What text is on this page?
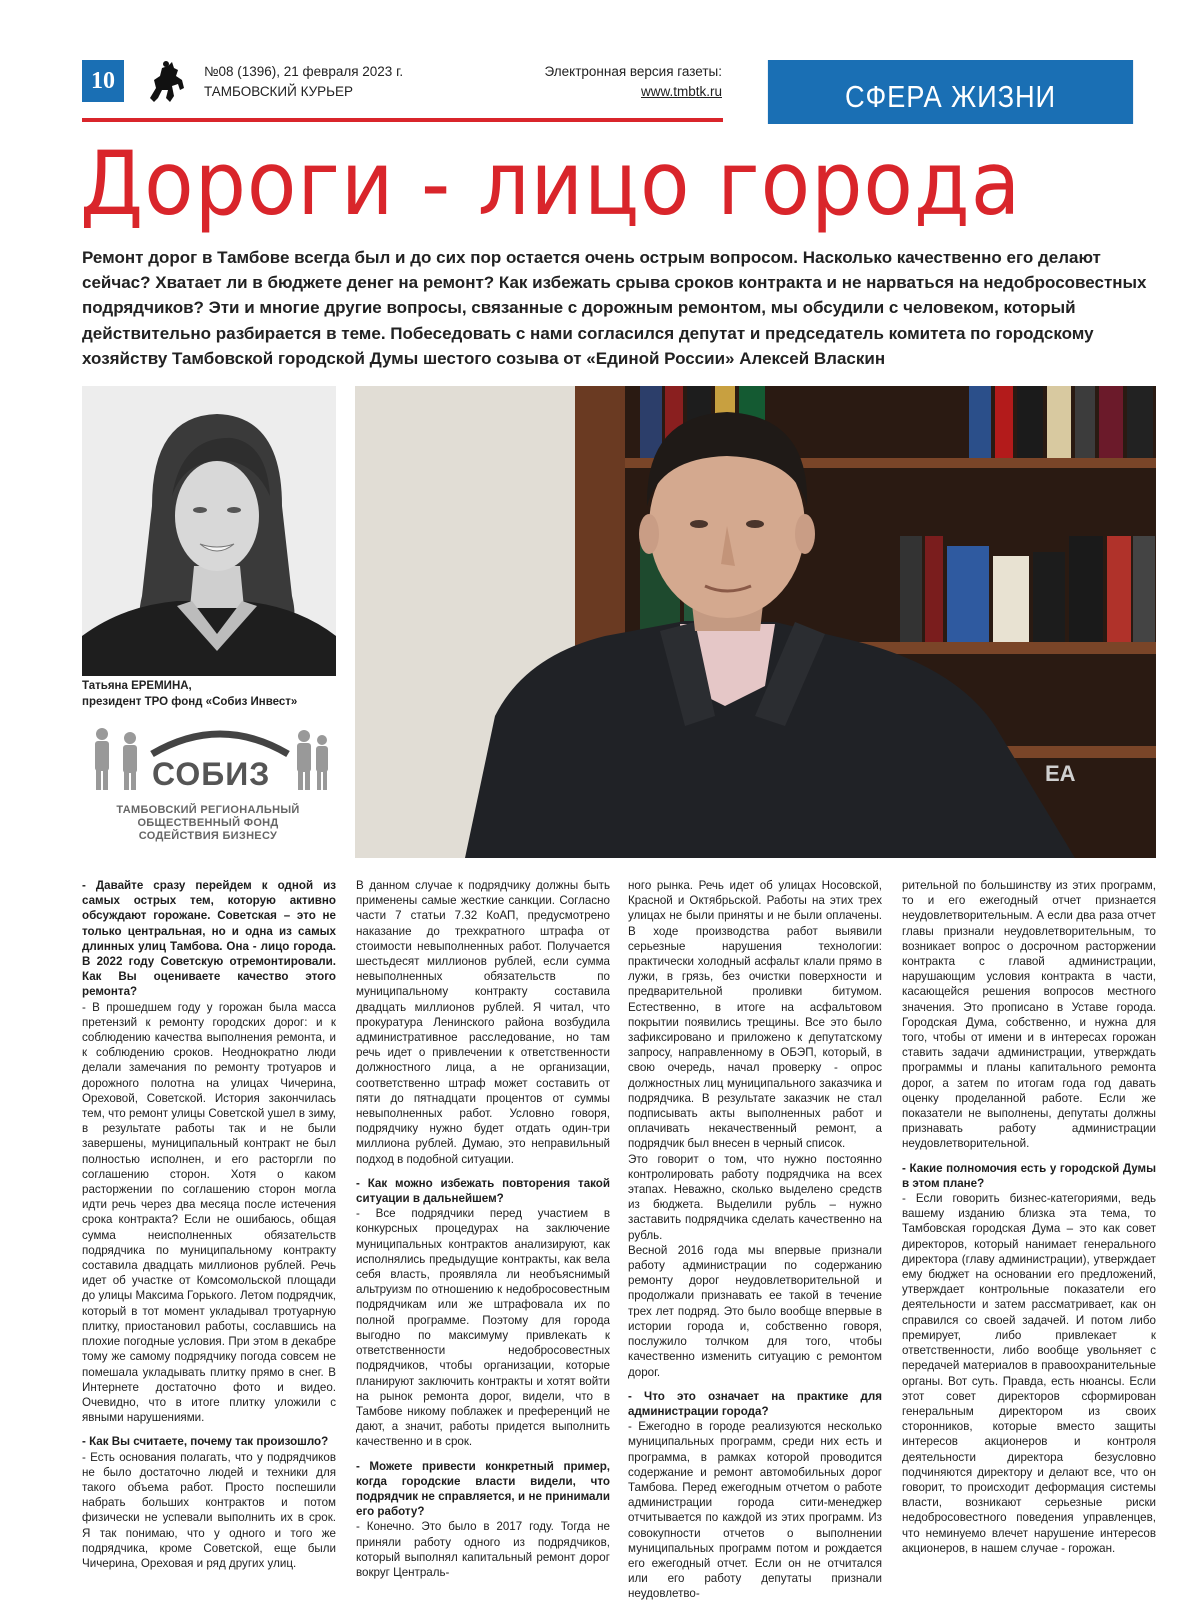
10	№08 (1396), 21 февраля 2023 г.
ТАМБОВСКИЙ КУРЬЕР
Электронная версия газеты:
www.tmbtk.ru	СФЕРА ЖИЗНИ
Дороги - лицо города
Ремонт дорог в Тамбове всегда был и до сих пор остается очень острым вопросом. Насколько качественно его делают сейчас? Хватает ли в бюджете денег на ремонт? Как избежать срыва сроков контракта и не нарваться на недобросовестных подрядчиков? Эти и многие другие вопросы, связанные с дорожным ремонтом, мы обсудили с человеком, который действительно разбирается в теме. Побеседовать с нами согласился депутат и председатель комитета по городскому хозяйству Тамбовской городской Думы шестого созыва от «Единой России» Алексей Власкин
Татьяна ЕРЕМИНА,
президент ТРО фонд «Собиз Инвест»
СОБИЗ
ТАМБОВСКИЙ РЕГИОНАЛЬНЫЙ
ОБЩЕСТВЕННЫЙ ФОНД
СОДЕЙСТВИЯ БИЗНЕСУ
EA

- Давайте сразу перейдем к одной из самых острых тем, которую активно обсуждают горожане. Советская – это не только центральная, но и одна из самых длинных улиц Тамбова. Она - лицо города. В 2022 году Советскую отремонтировали. Как Вы оцениваете качество этого ремонта?

- В прошедшем году у горожан была масса претензий к ремонту городских дорог: и к соблюдению качества выполнения ремонта, и к соблюдению сроков. Неоднократно люди делали замечания по ремонту тротуаров и дорожного полотна на улицах Чичерина, Ореховой, Советской. История закончилась тем, что ремонт улицы Советской ушел в зиму, в результате работы так и не были завершены, муниципальный контракт не был полностью исполнен, и его расторгли по соглашению сторон. Хотя о каком расторжении по соглашению сторон могла идти речь через два месяца после истечения срока контракта? Если не ошибаюсь, общая сумма неисполненных обязательств подрядчика по муниципальному контракту составила двадцать миллионов рублей. Речь идет об участке от Комсомольской площади до улицы Максима Горького. Летом подрядчик, который в тот момент укладывал тротуарную плитку, приостановил работы, сославшись на плохие погодные условия. При этом в декабре тому же самому подрядчику погода совсем не помешала укладывать плитку прямо в снег. В Интернете достаточно фото и видео. Очевидно, что в итоге плитку уложили с явными нарушениями.

- Как Вы считаете, почему так произошло?

- Есть основания полагать, что у подрядчиков не было достаточно людей и техники для такого объема работ. Просто поспешили набрать больших контрактов и потом физически не успевали выполнить их в срок. Я так понимаю, что у одного и того же подрядчика, кроме Советской, еще были Чичерина, Ореховая и ряд других улиц.

В данном случае к подрядчику должны быть применены самые жесткие санкции. Согласно части 7 статьи 7.32 КоАП, предусмотрено наказание до трехкратного штрафа от стоимости невыполненных работ. Получается шестьдесят миллионов рублей, если сумма невыполненных обязательств по муниципальному контракту составила двадцать миллионов рублей. Я читал, что прокуратура Ленинского района возбудила административное расследование, но там речь идет о привлечении к ответственности должностного лица, а не организации, соответственно штраф может составить от пяти до пятнадцати процентов от суммы невыполненных работ. Условно говоря, подрядчику нужно будет отдать один-три миллиона рублей. Думаю, это неправильный подход в подобной ситуации.

- Как можно избежать повторения такой ситуации в дальнейшем?

- Все подрядчики перед участием в конкурсных процедурах на заключение муниципальных контрактов анализируют, как исполнялись предыдущие контракты, как вела себя власть, проявляла ли необъяснимый альтруизм по отношению к недобросовестным подрядчикам или же штрафовала их по полной программе. Поэтому для города выгодно по максимуму привлекать к ответственности недобросовестных подрядчиков, чтобы организации, которые планируют заключить контракты и хотят войти на рынок ремонта дорог, видели, что в Тамбове никому поблажек и преференций не дают, а значит, работы придется выполнить качественно и в срок.

- Можете привести конкретный пример, когда городские власти видели, что подрядчик не справляется, и не принимали его работу?

- Конечно. Это было в 2017 году. Тогда не приняли работу одного из подрядчиков, который выполнял капитальный ремонт дорог вокруг Централь-

ного рынка. Речь идет об улицах Носовской, Красной и Октябрьской. Работы на этих трех улицах не были приняты и не были оплачены. В ходе производства работ выявили серьезные нарушения технологии: практически холодный асфальт клали прямо в лужи, в грязь, без очистки поверхности и предварительной проливки битумом. Естественно, в итоге на асфальтовом покрытии появились трещины. Все это было зафиксировано и приложено к депутатскому запросу, направленному в ОБЭП, который, в свою очередь, начал проверку - опрос должностных лиц муниципального заказчика и подрядчика. В результате заказчик не стал подписывать акты выполненных работ и оплачивать некачественный ремонт, а подрядчик был внесен в черный список.

Это говорит о том, что нужно постоянно контролировать работу подрядчика на всех этапах. Неважно, сколько выделено средств из бюджета. Выделили рубль – нужно заставить подрядчика сделать качественно на рубль.

Весной 2016 года мы впервые признали работу администрации по содержанию ремонту дорог неудовлетворительной и продолжали признавать ее такой в течение трех лет подряд. Это было вообще впервые в истории города и, собственно говоря, послужило толчком для того, чтобы качественно изменить ситуацию с ремонтом дорог.

- Что это означает на практике для администрации города?

- Ежегодно в городе реализуются несколько муниципальных программ, среди них есть и программа, в рамках которой проводится содержание и ремонт автомобильных дорог Тамбова. Перед ежегодным отчетом о работе администрации города сити-менеджер отчитывается по каждой из этих программ. Из совокупности отчетов о выполнении муниципальных программ потом и рождается его ежегодный отчет. Если он не отчитался или его работу депутаты признали неудовлетво-

рительной по большинству из этих программ, то и его ежегодный отчет признается неудовлетворительным. А если два раза отчет главы признали неудовлетворительным, то возникает вопрос о досрочном расторжении контракта с главой администрации, нарушающим условия контракта в части, касающейся решения вопросов местного значения. Это прописано в Уставе города. Городская Дума, собственно, и нужна для того, чтобы от имени и в интересах горожан ставить задачи администрации, утверждать программы и планы капитального ремонта дорог, а затем по итогам года год давать оценку проделанной работе. Если же показатели не выполнены, депутаты должны признавать работу администрации неудовлетворительной.

- Какие полномочия есть у городской Думы в этом плане?

- Если говорить бизнес-категориями, ведь вашему изданию близка эта тема, то Тамбовская городская Дума – это как совет директоров, который нанимает генерального директора (главу администрации), утверждает ему бюджет на основании его предложений, утверждает контрольные показатели его деятельности и затем рассматривает, как он справился со своей задачей. И потом либо премирует, либо привлекает к ответственности, либо вообще увольняет с передачей материалов в правоохранительные органы. Вот суть. Правда, есть нюансы. Если этот совет директоров сформирован генеральным директором из своих сторонников, которые вместо защиты интересов акционеров и контроля деятельности директора безусловно подчиняются директору и делают все, что он говорит, то происходит деформация системы власти, возникают серьезные риски недобросовестного поведения управленцев, что неминуемо влечет нарушение интересов акционеров, в нашем случае - горожан.
